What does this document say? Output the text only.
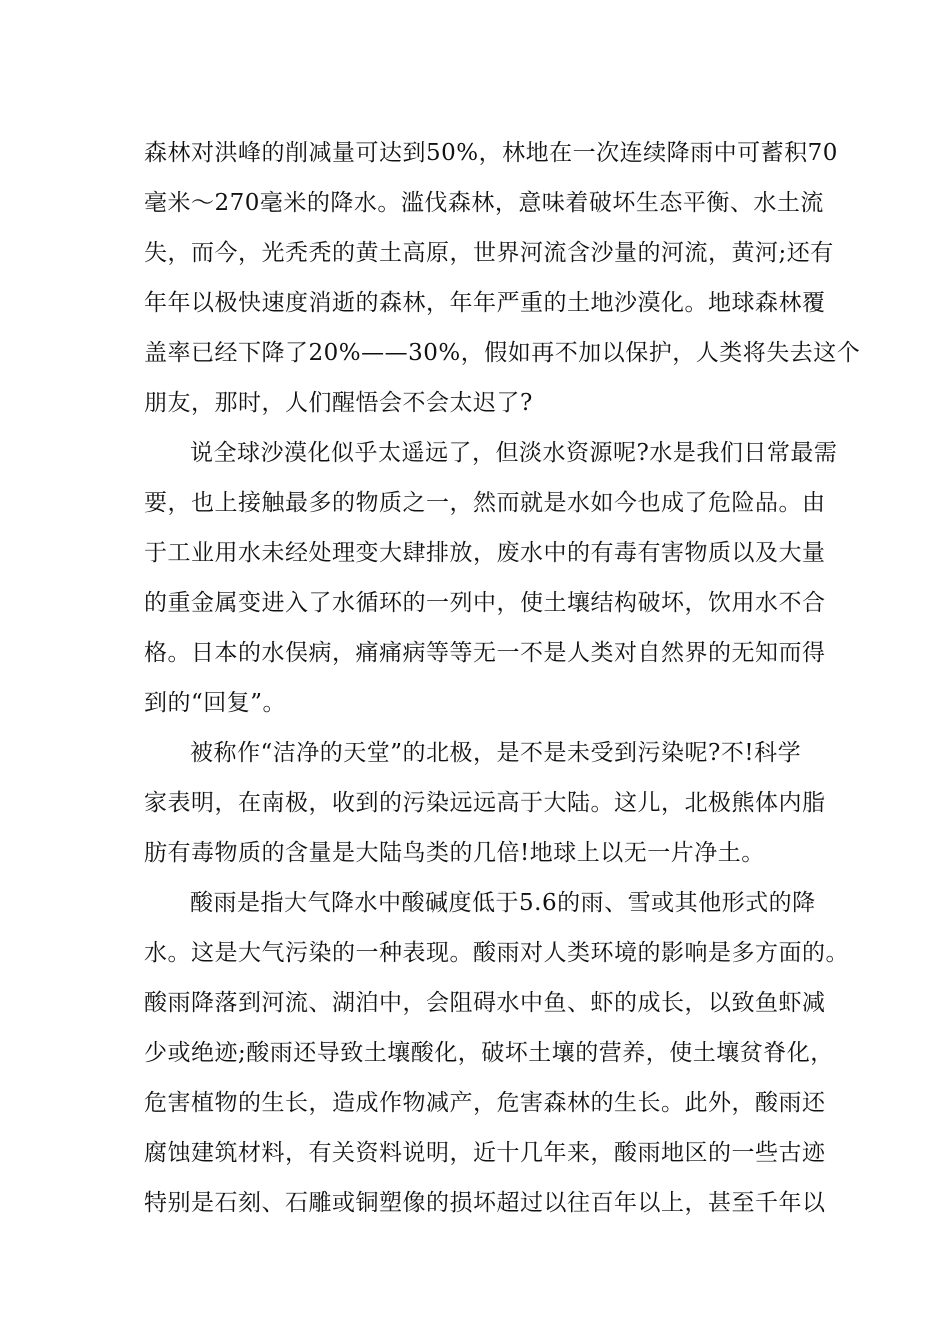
森林对洪峰的削减量可达到50%，林地在一次连续降雨中可蓄积70
毫米～270毫米的降水。滥伐森林，意味着破坏生态平衡、水土流
失，而今，光秃秃的黄土高原，世界河流含沙量的河流，黄河;还有
年年以极快速度消逝的森林，年年严重的土地沙漠化。地球森林覆
盖率已经下降了20%——30%，假如再不加以保护，人类将失去这个
朋友，那时，人们醒悟会不会太迟了?
说全球沙漠化似乎太遥远了，但淡水资源呢?水是我们日常最需
要，也上接触最多的物质之一，然而就是水如今也成了危险品。由
于工业用水未经处理变大肆排放，废水中的有毒有害物质以及大量
的重金属变进入了水循环的一列中，使土壤结构破坏，饮用水不合
格。日本的水俣病，痛痛病等等无一不是人类对自然界的无知而得
到的“回复”。
被称作“洁净的天堂”的北极，是不是未受到污染呢?不!科学
家表明，在南极，收到的污染远远高于大陆。这儿，北极熊体内脂
肪有毒物质的含量是大陆鸟类的几倍!地球上以无一片净土。
酸雨是指大气降水中酸碱度低于5.6的雨、雪或其他形式的降
水。这是大气污染的一种表现。酸雨对人类环境的影响是多方面的。
酸雨降落到河流、湖泊中，会阻碍水中鱼、虾的成长，以致鱼虾减
少或绝迹;酸雨还导致土壤酸化，破坏土壤的营养，使土壤贫脊化，
危害植物的生长，造成作物减产，危害森林的生长。此外，酸雨还
腐蚀建筑材料，有关资料说明，近十几年来，酸雨地区的一些古迹
特别是石刻、石雕或铜塑像的损坏超过以往百年以上，甚至千年以
